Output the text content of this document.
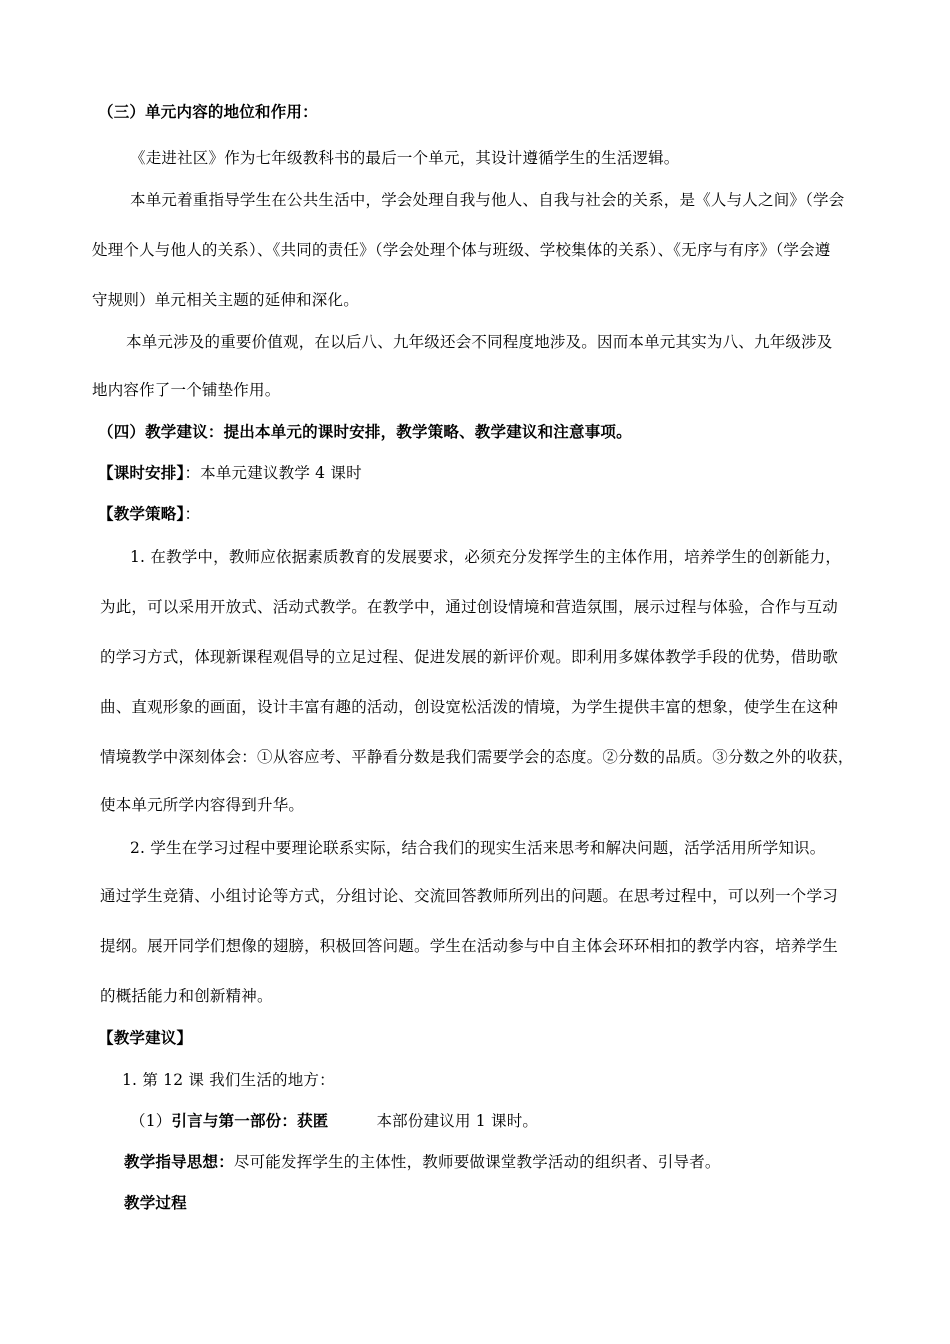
（三）单元内容的地位和作用：
《走进社区》作为七年级教科书的最后一个单元，其设计遵循学生的生活逻辑。
本单元着重指导学生在公共生活中，学会处理自我与他人、自我与社会的关系，是《人与人之间》（学会
处理个人与他人的关系）、《共同的责任》（学会处理个体与班级、学校集体的关系）、《无序与有序》（学会遵
守规则）单元相关主题的延伸和深化。
本单元涉及的重要价值观，在以后八、九年级还会不同程度地涉及。因而本单元其实为八、九年级涉及
地内容作了一个铺垫作用。
（四）教学建议：提出本单元的课时安排，教学策略、教学建议和注意事项。
【课时安排】：本单元建议教学 4 课时
【教学策略】：
1. 在教学中，教师应依据素质教育的发展要求，必须充分发挥学生的主体作用，培养学生的创新能力，
为此，可以采用开放式、活动式教学。在教学中，通过创设情境和营造氛围，展示过程与体验，合作与互动
的学习方式，体现新课程观倡导的立足过程、促进发展的新评价观。即利用多媒体教学手段的优势，借助歌
曲、直观形象的画面，设计丰富有趣的活动，创设宽松活泼的情境，为学生提供丰富的想象，使学生在这种
情境教学中深刻体会：①从容应考、平静看分数是我们需要学会的态度。②分数的品质。③分数之外的收获，
使本单元所学内容得到升华。
2. 学生在学习过程中要理论联系实际，结合我们的现实生活来思考和解决问题，活学活用所学知识。
通过学生竞猜、小组讨论等方式，分组讨论、交流回答教师所列出的问题。在思考过程中，可以列一个学习
提纲。展开同学们想像的翅膀，积极回答问题。学生在活动参与中自主体会环环相扣的教学内容，培养学生
的概括能力和创新精神。
【教学建议】
1. 第 12 课 我们生活的地方：
（1）引言与第一部份：获匿	本部份建议用 1 课时。
教学指导思想：尽可能发挥学生的主体性，教师要做课堂教学活动的组织者、引导者。
教学过程
